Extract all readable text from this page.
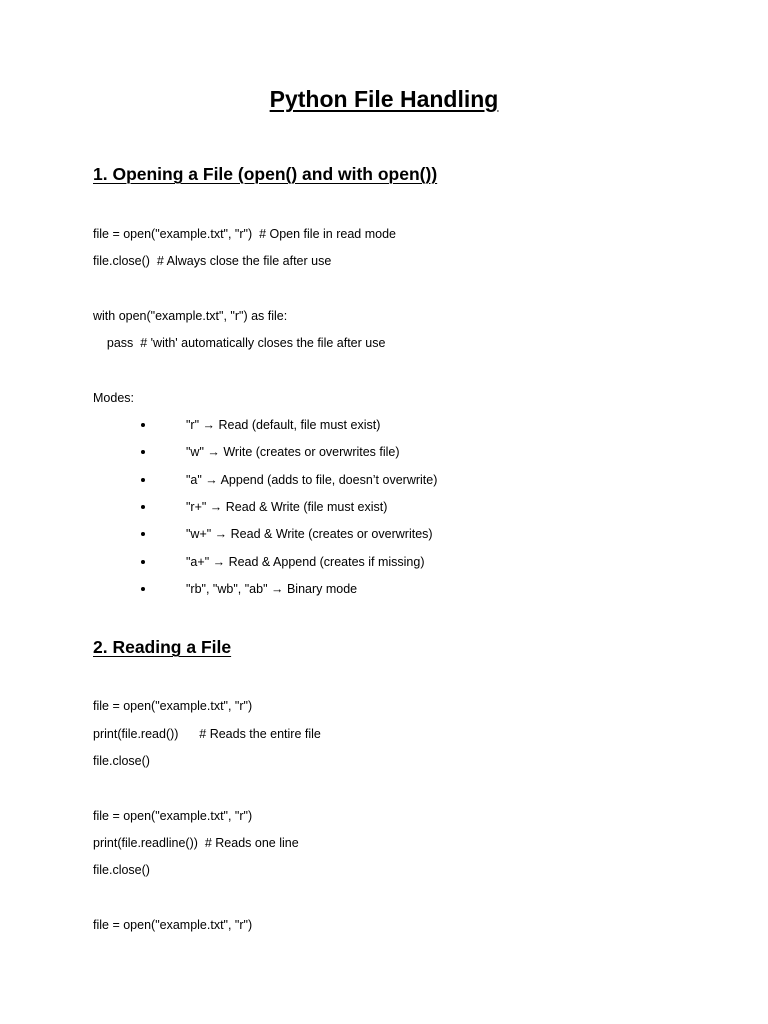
Python File Handling
1. Opening a File (open() and with open())
file = open("example.txt", "r")  # Open file in read mode
file.close()  # Always close the file after use
with open("example.txt", "r") as file:
pass  # 'with' automatically closes the file after use
Modes:
"r" → Read (default, file must exist)
"w" → Write (creates or overwrites file)
"a" → Append (adds to file, doesn’t overwrite)
"r+" → Read & Write (file must exist)
"w+" → Read & Write (creates or overwrites)
"a+" → Read & Append (creates if missing)
"rb", "wb", "ab" → Binary mode
2. Reading a File
file = open("example.txt", "r")
print(file.read())      # Reads the entire file
file.close()
file = open("example.txt", "r")
print(file.readline())  # Reads one line
file.close()
file = open("example.txt", "r")
